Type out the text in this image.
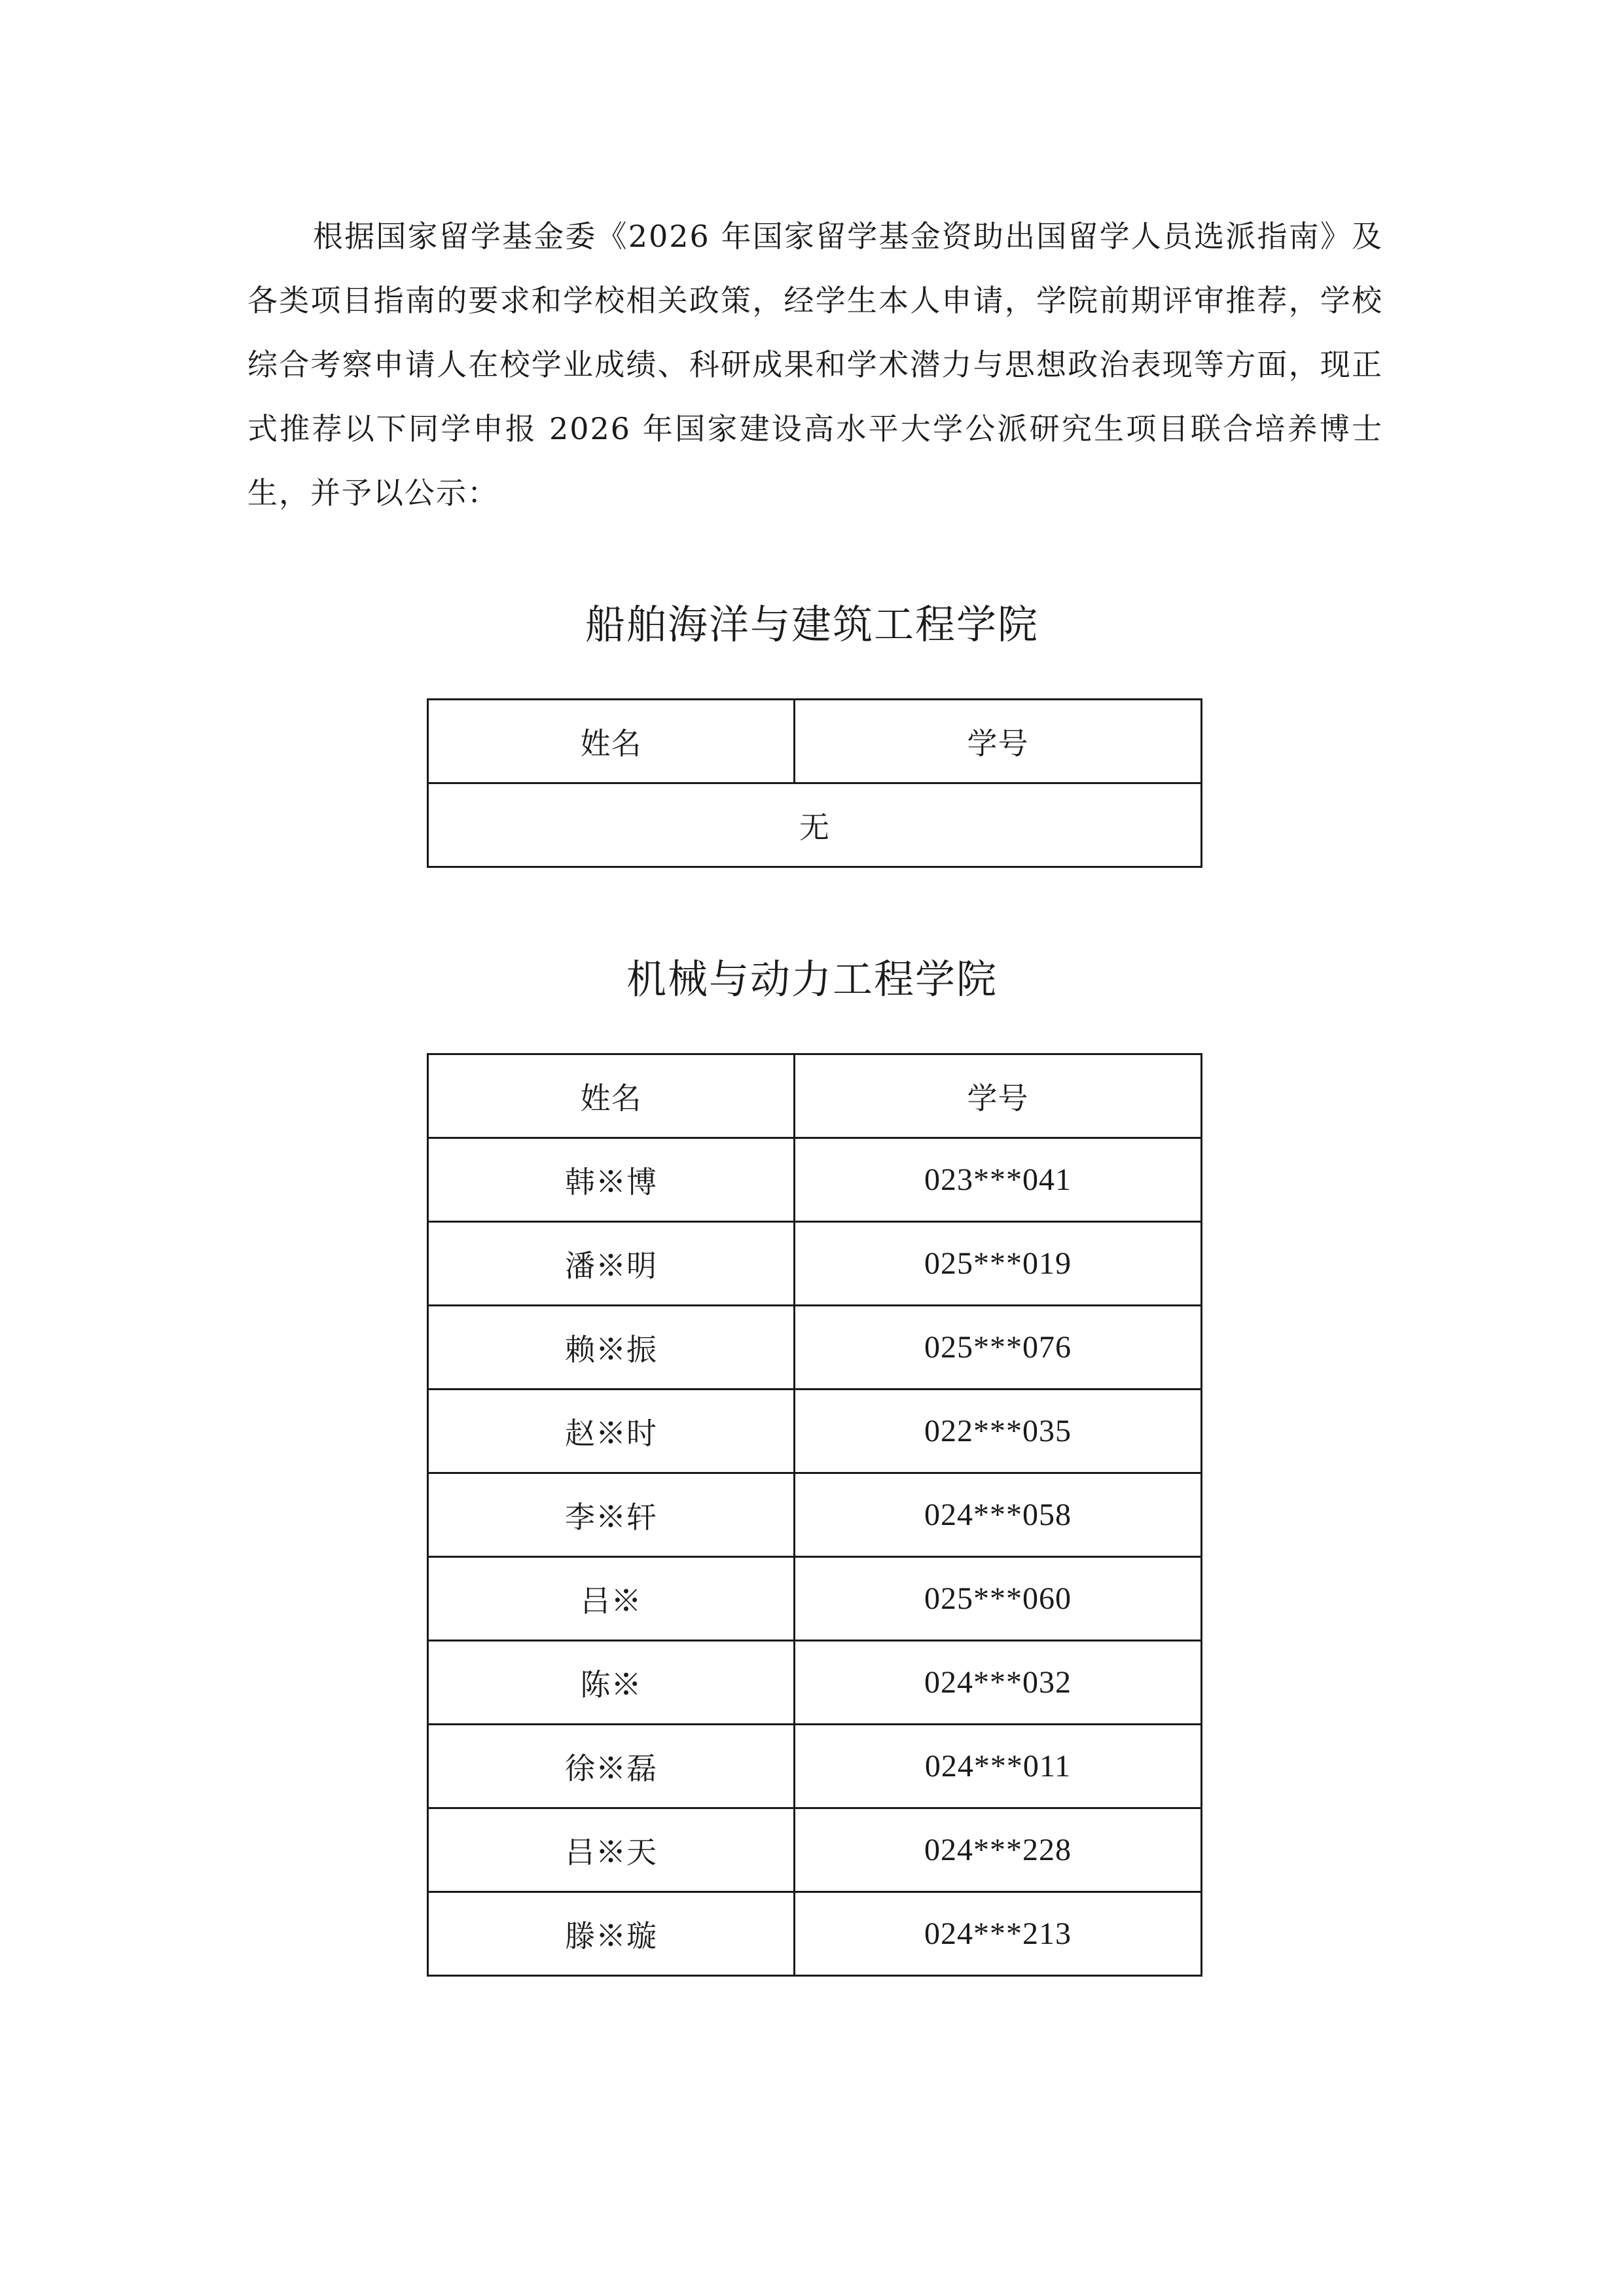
根据国家留学基金委《2026 年国家留学基金资助出国留学人员选派指南》及各类项目指南的要求和学校相关政策，经学生本人申请，学院前期评审推荐，学校综合考察申请人在校学业成绩、科研成果和学术潜力与思想政治表现等方面，现正式推荐以下同学申报 2026 年国家建设高水平大学公派研究生项目联合培养博士生，并予以公示：

船舶海洋与建筑工程学院
姓名	学号
无
机械与动力工程学院
姓名	学号
韩※博	023***041
潘※明	025***019
赖※振	025***076
赵※时	022***035
李※轩	024***058
吕※	025***060
陈※	024***032
徐※磊	024***011
吕※天	024***228
滕※璇	024***213
